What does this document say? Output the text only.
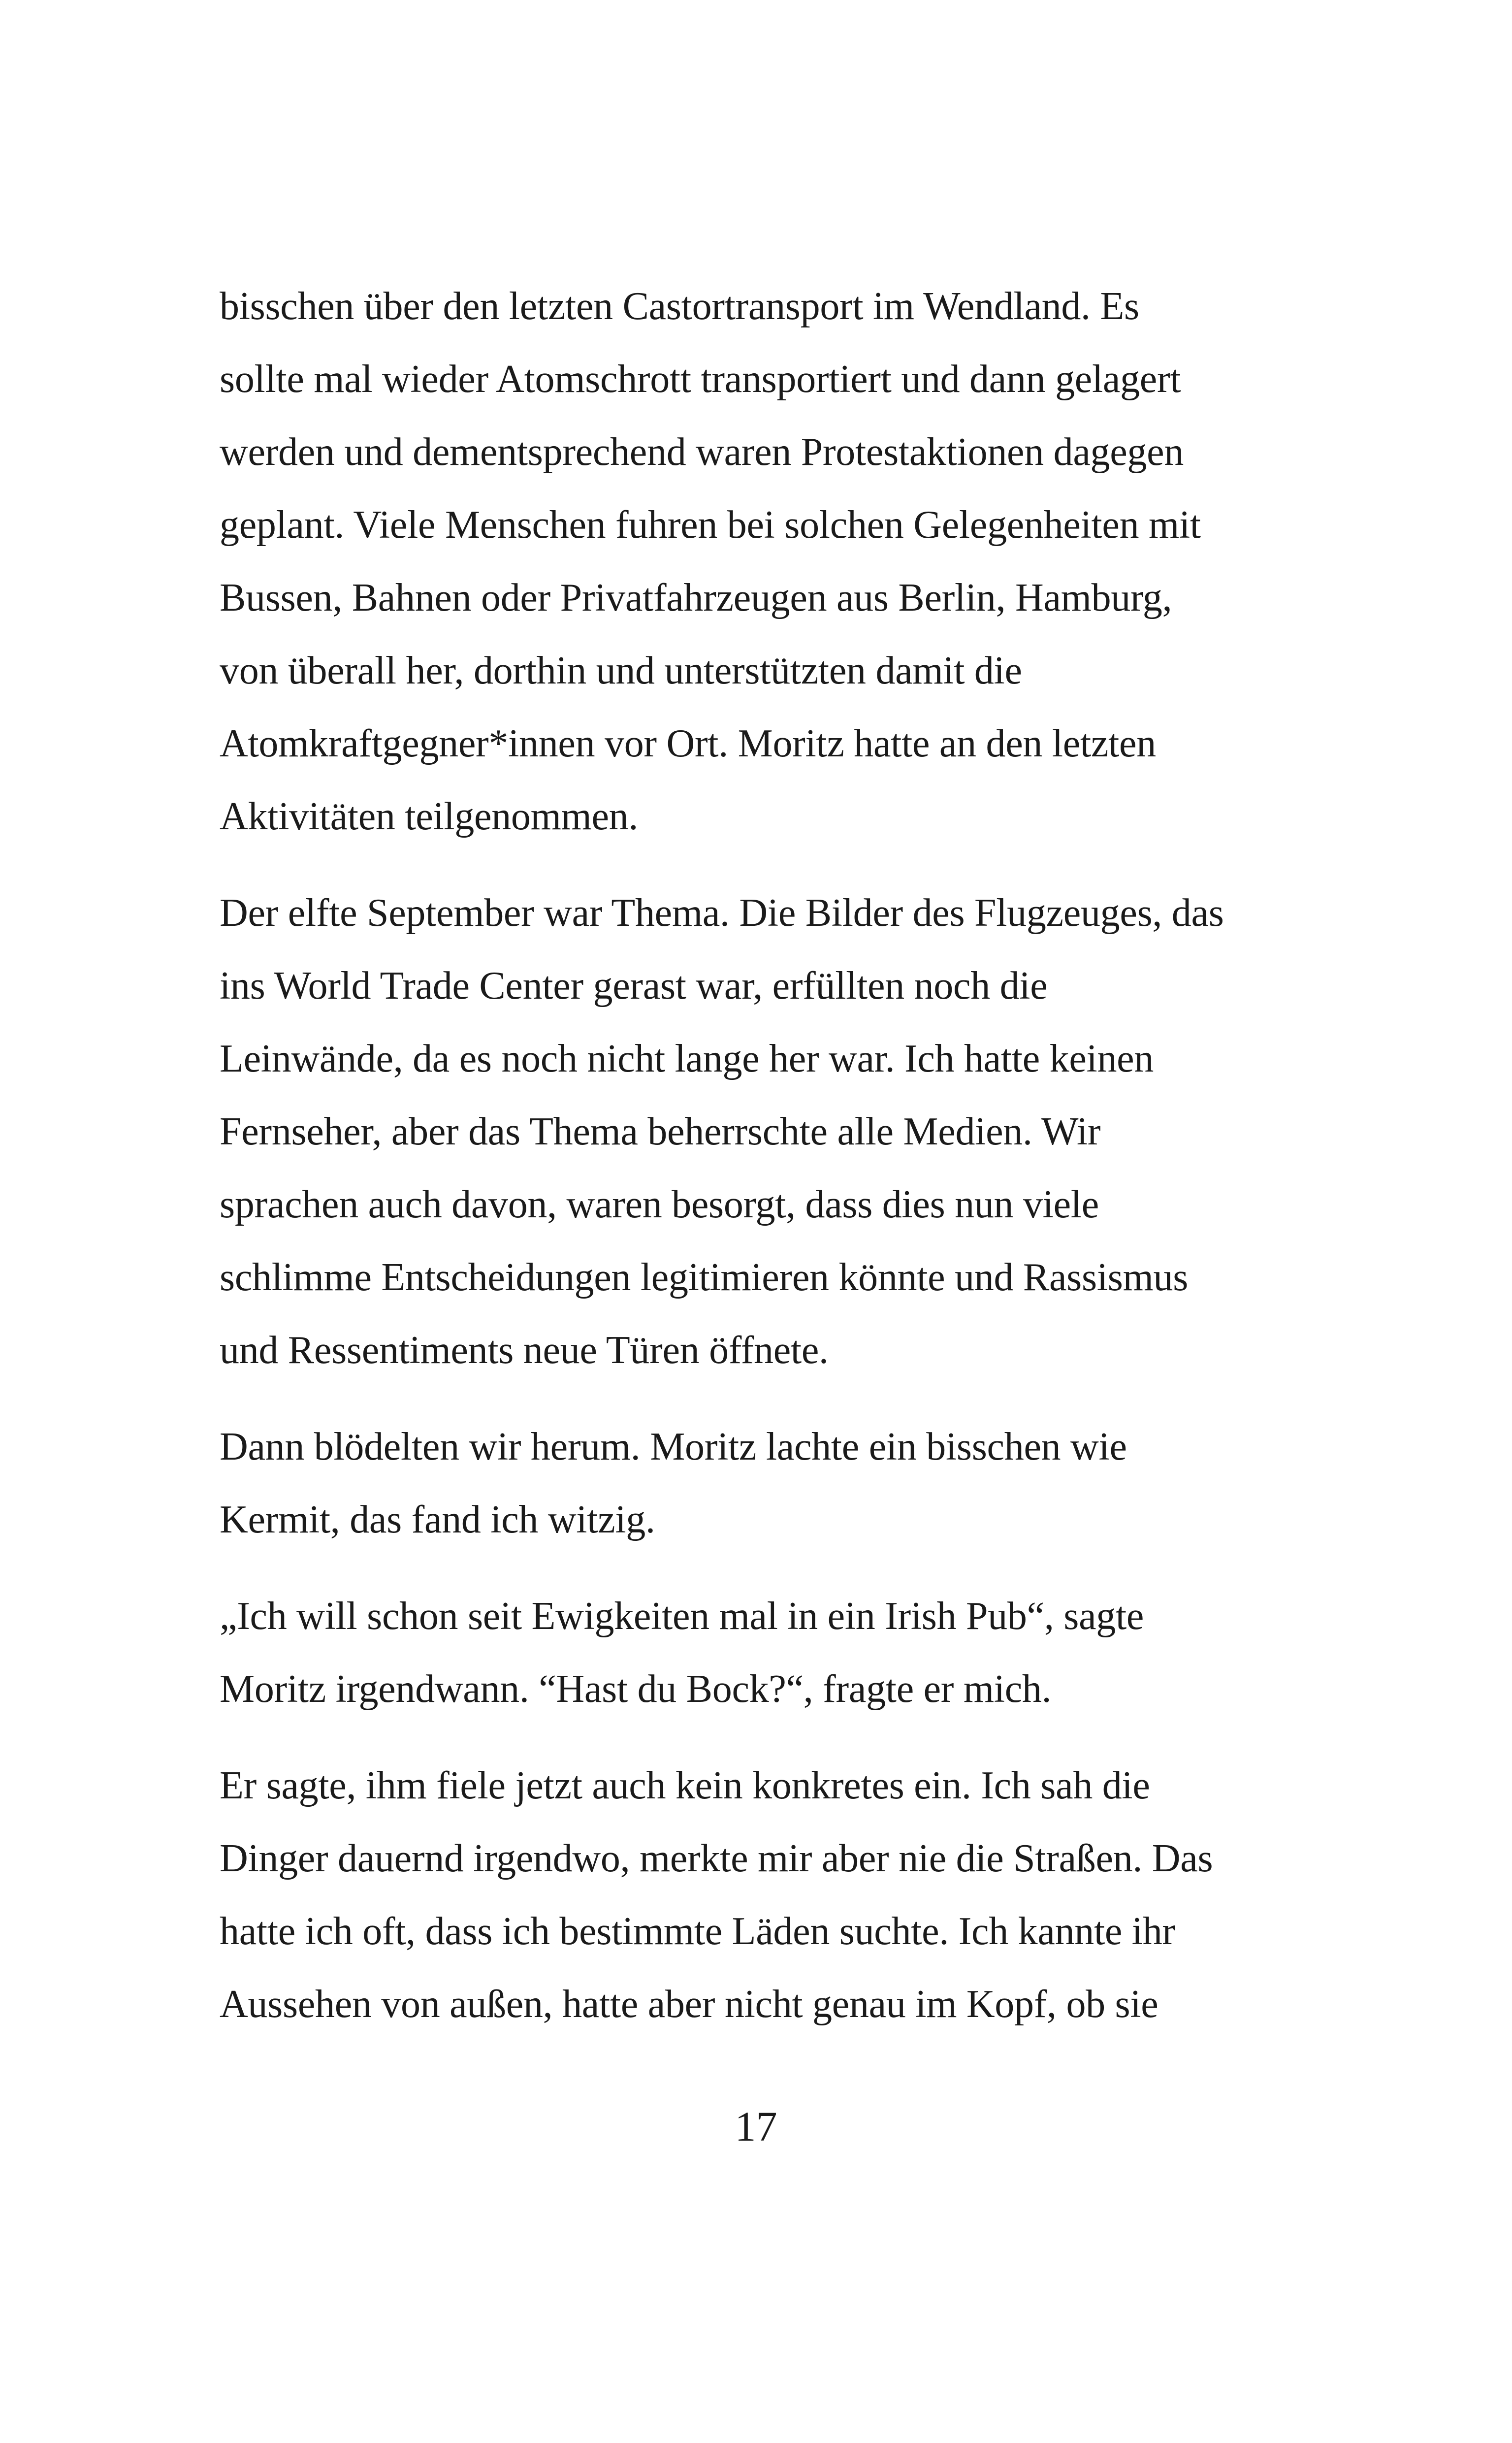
bisschen über den letzten Castortransport im Wendland. Es
sollte mal wieder Atomschrott transportiert und dann gelagert
werden und dementsprechend waren Protestaktionen dagegen
geplant. Viele Menschen fuhren bei solchen Gelegenheiten mit
Bussen, Bahnen oder Privatfahrzeugen aus Berlin, Hamburg,
von überall her, dorthin und unterstützten damit die
Atomkraftgegner*innen vor Ort. Moritz hatte an den letzten
Aktivitäten teilgenommen.
Der elfte September war Thema. Die Bilder des Flugzeuges, das
ins World Trade Center gerast war, erfüllten noch die
Leinwände, da es noch nicht lange her war. Ich hatte keinen
Fernseher, aber das Thema beherrschte alle Medien. Wir
sprachen auch davon, waren besorgt, dass dies nun viele
schlimme Entscheidungen legitimieren könnte und Rassismus
und Ressentiments neue Türen öffnete.
Dann blödelten wir herum. Moritz lachte ein bisschen wie
Kermit, das fand ich witzig.
„Ich will schon seit Ewigkeiten mal in ein Irish Pub“, sagte
Moritz irgendwann. “Hast du Bock?“, fragte er mich.
Er sagte, ihm fiele jetzt auch kein konkretes ein. Ich sah die
Dinger dauernd irgendwo, merkte mir aber nie die Straßen. Das
hatte ich oft, dass ich bestimmte Läden suchte. Ich kannte ihr
Aussehen von außen, hatte aber nicht genau im Kopf, ob sie
17
